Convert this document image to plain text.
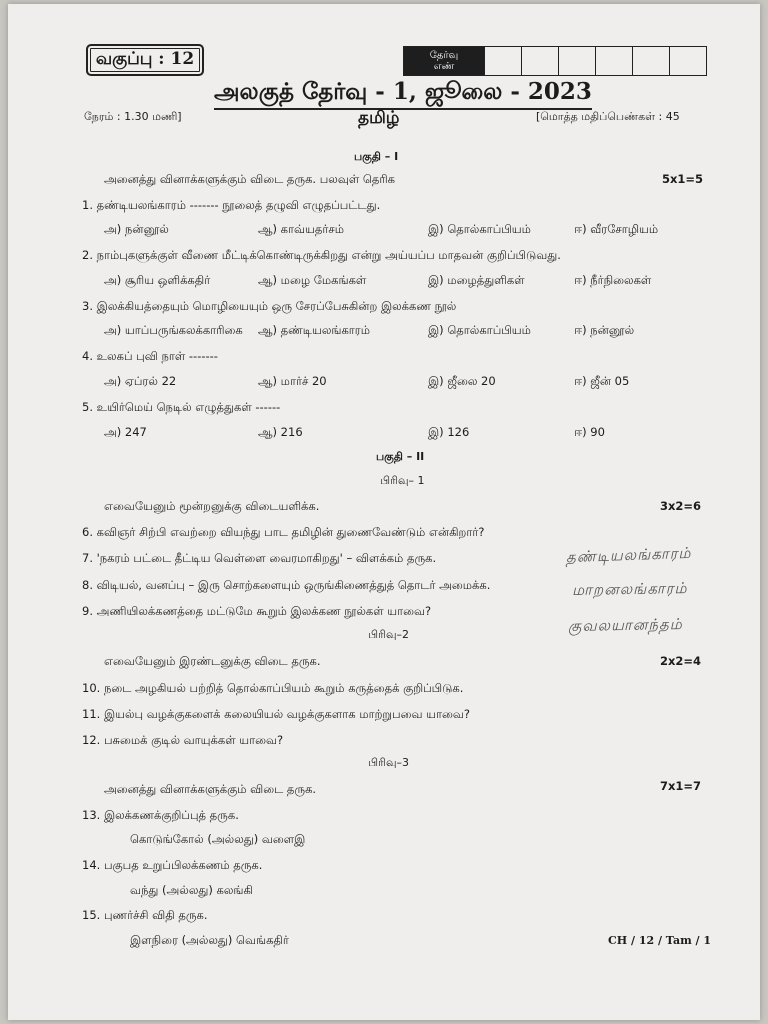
வகுப்பு : 12	தேர்வு
எண்
அலகுத் தேர்வு - 1, ஜூலை - 2023
நேரம் : 1.30 மணி]	தமிழ்	[மொத்த மதிப்பெண்கள் : 45
பகுதி – I
அனைத்து வினாக்களுக்கும் விடை தருக. பலவுள் தெரிக	5x1=5
1. தண்டியலங்காரம் ------- நூலைத் தழுவி எழுதப்பட்டது.
அ) நன்னூல்	ஆ) காவ்யதர்சம்	இ) தொல்காப்பியம்	ஈ) வீரசோழியம்
2. நாம்புகளுக்குள் வீணை மீட்டிக்கொண்டிருக்கிறது என்று அய்யப்ப மாதவன் குறிப்பிடுவது.
அ) சூரிய ஒளிக்கதிர்	ஆ) மழை மேகங்கள்	இ) மழைத்துளிகள்	ஈ) நீர்நிலைகள்
3. இலக்கியத்தையும் மொழியையும் ஒரு சேரப்பேசுகின்ற இலக்கண நூல்
அ) யாப்பருங்கலக்காரிகை ஆ) தண்டியலங்காரம்	இ) தொல்காப்பியம்	ஈ) நன்னூல்
4. உலகப் புவி நாள் -------
அ) ஏப்ரல் 22	ஆ) மார்ச் 20	இ) ஜீலை 20	ஈ) ஜீன் 05
5. உயிர்மெய் நெடில் எழுத்துகள் ------
அ) 247	ஆ) 216	இ) 126	ஈ) 90
பகுதி – II
பிரிவு– 1
எவையேனும் மூன்றனுக்கு விடையளிக்க.	3x2=6
6. கவிஞர் சிற்பி எவற்றை வியந்து பாட தமிழின் துணைவேண்டும் என்கிறார்?
7. 'நகரம் பட்டை தீட்டிய வெள்ளை வைரமாகிறது' – விளக்கம் தருக.
8. விடியல், வனப்பு – இரு சொற்களையும் ஒருங்கிணைத்துத் தொடர் அமைக்க.
9. அணியிலக்கணத்தை மட்டுமே கூறும் இலக்கண நூல்கள் யாவை?
தண்டியலங்காரம்
மாறனலங்காரம்
குவலயானந்தம்
பிரிவு–2
எவையேனும் இரண்டனுக்கு விடை தருக.	2x2=4
10. நடை அழகியல் பற்றித் தொல்காப்பியம் கூறும் கருத்தைக் குறிப்பிடுக.
11. இயல்பு வழக்குகளைக் கலையியல் வழக்குகளாக மாற்றுபவை யாவை?
12. பசுமைக் குடில் வாயுக்கள் யாவை?
பிரிவு–3
அனைத்து வினாக்களுக்கும் விடை தருக.	7x1=7
13. இலக்கணக்குறிப்புத் தருக.
கொடுங்கோல் (அல்லது) வளைஇ
14. பகுபத உறுப்பிலக்கணம் தருக.
வந்து (அல்லது) கலங்கி
15. புணர்ச்சி விதி தருக.
இளநிரை (அல்லது) வெங்கதிர்	CH / 12 / Tam / 1
